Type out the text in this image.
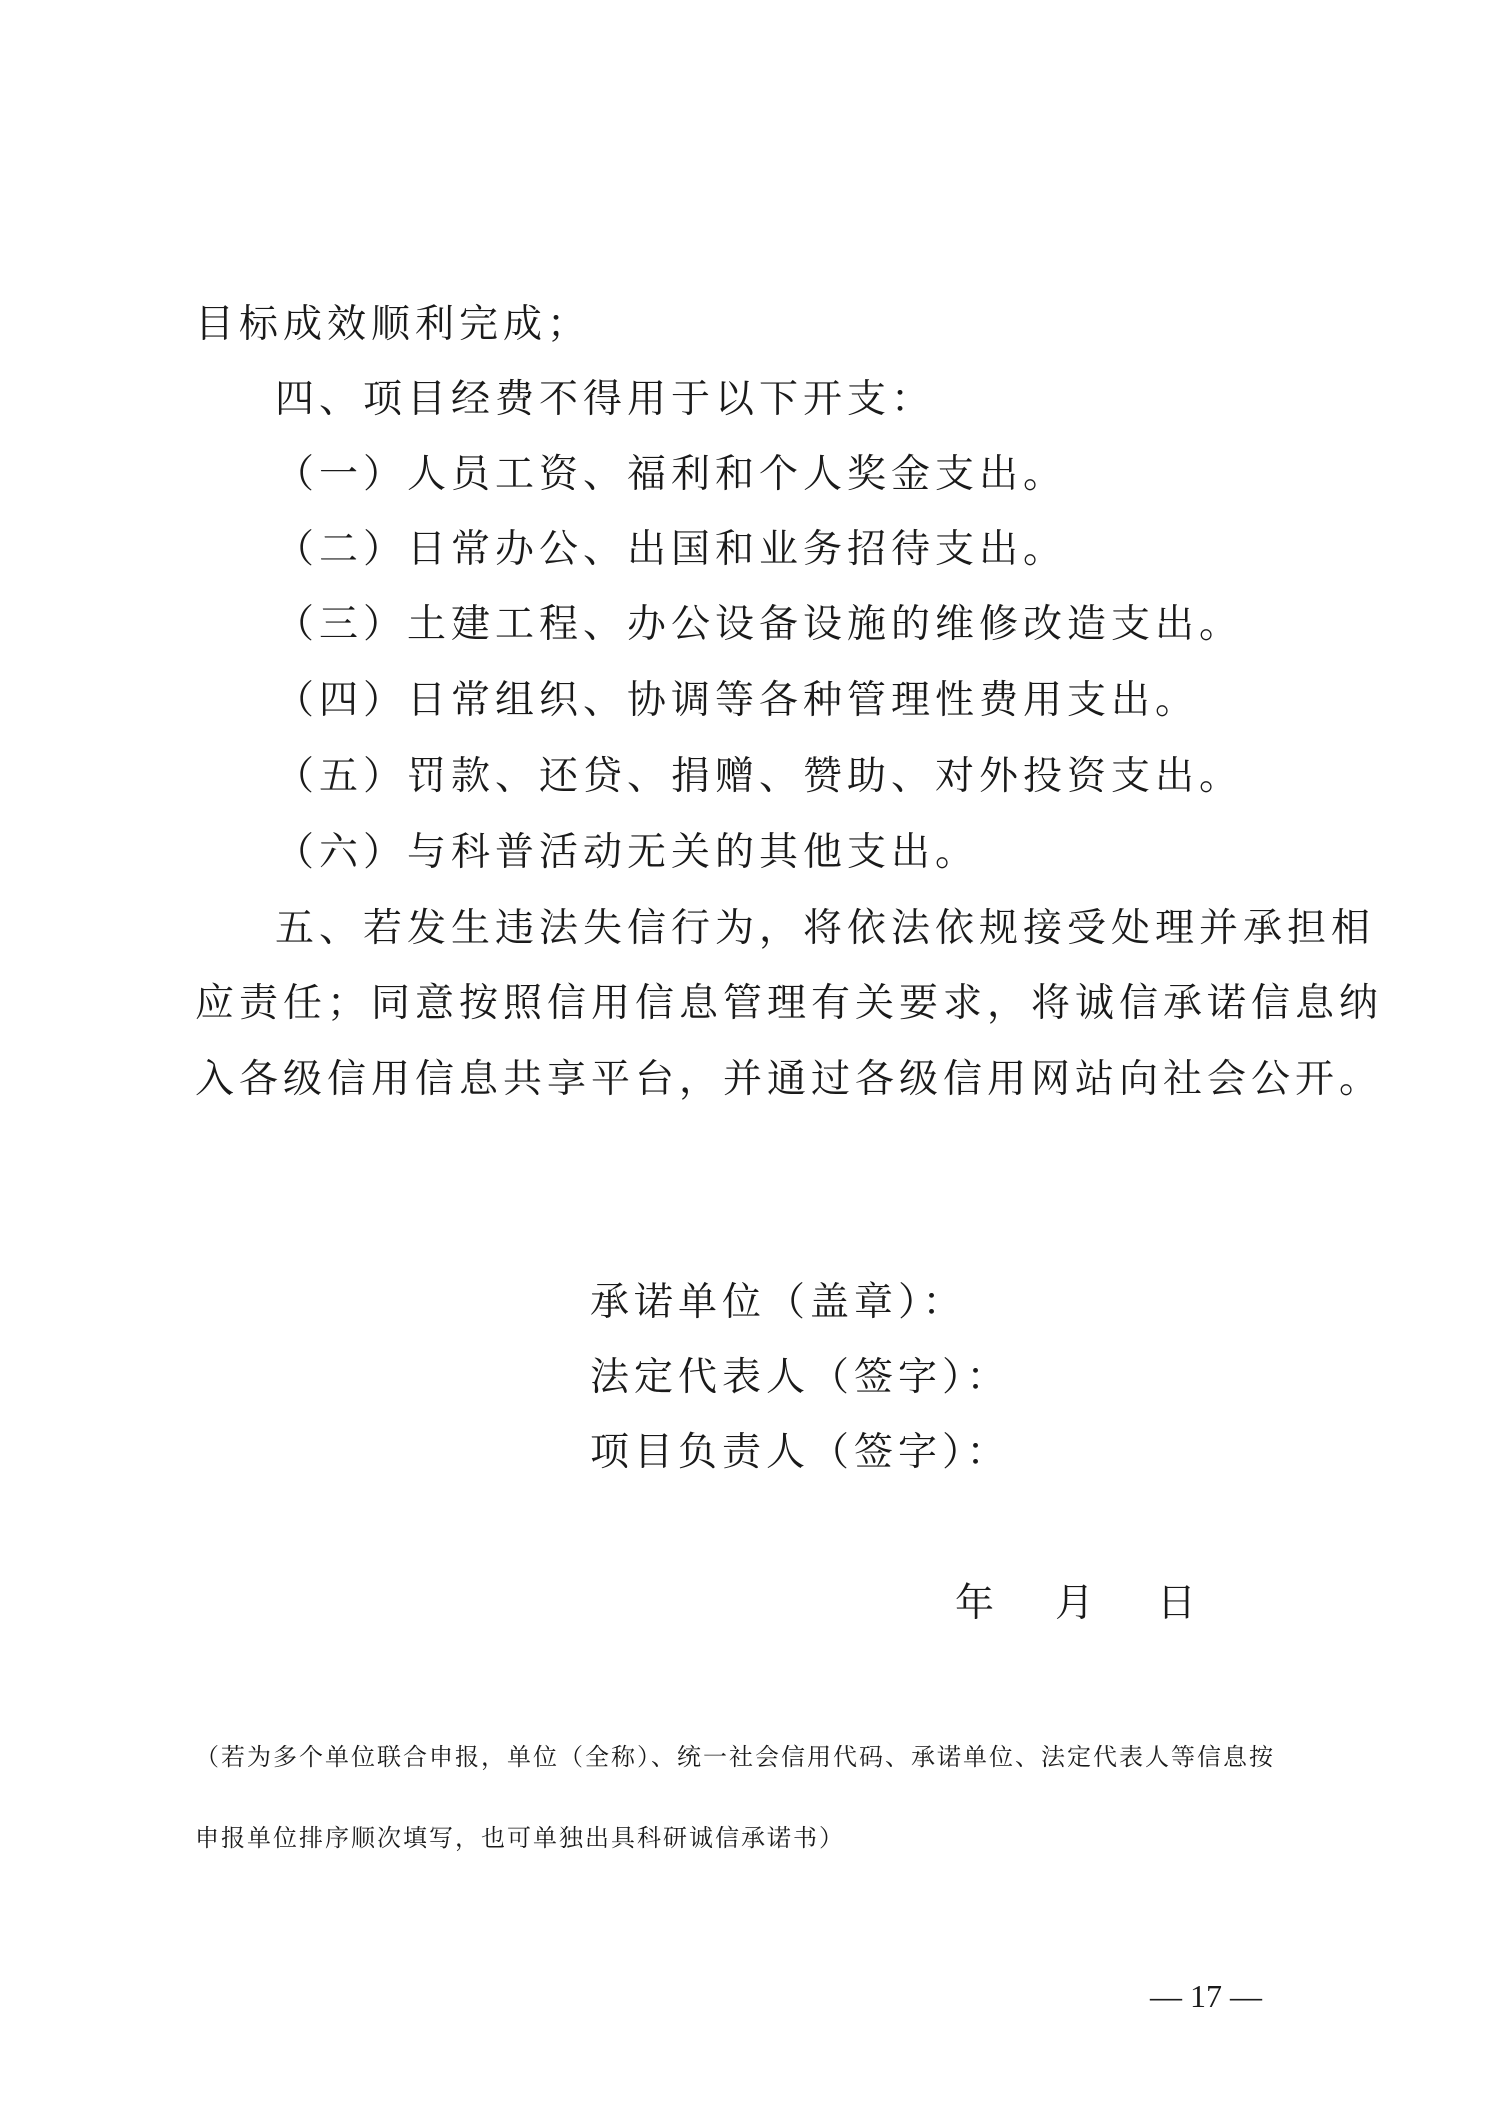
目标成效顺利完成；
四、项目经费不得用于以下开支：
（一）人员工资、福利和个人奖金支出。
（二）日常办公、出国和业务招待支出。
（三）土建工程、办公设备设施的维修改造支出。
（四）日常组织、协调等各种管理性费用支出。
（五）罚款、还贷、捐赠、赞助、对外投资支出。
（六）与科普活动无关的其他支出。
五、若发生违法失信行为，将依法依规接受处理并承担相
应责任；同意按照信用信息管理有关要求，将诚信承诺信息纳
入各级信用信息共享平台，并通过各级信用网站向社会公开。
承诺单位（盖章）：
法定代表人（签字）：
项目负责人（签字）：
年 月 日
（若为多个单位联合申报，单位（全称）、统一社会信用代码、承诺单位、法定代表人等信息按
申报单位排序顺次填写，也可单独出具科研诚信承诺书）
— 17 —
